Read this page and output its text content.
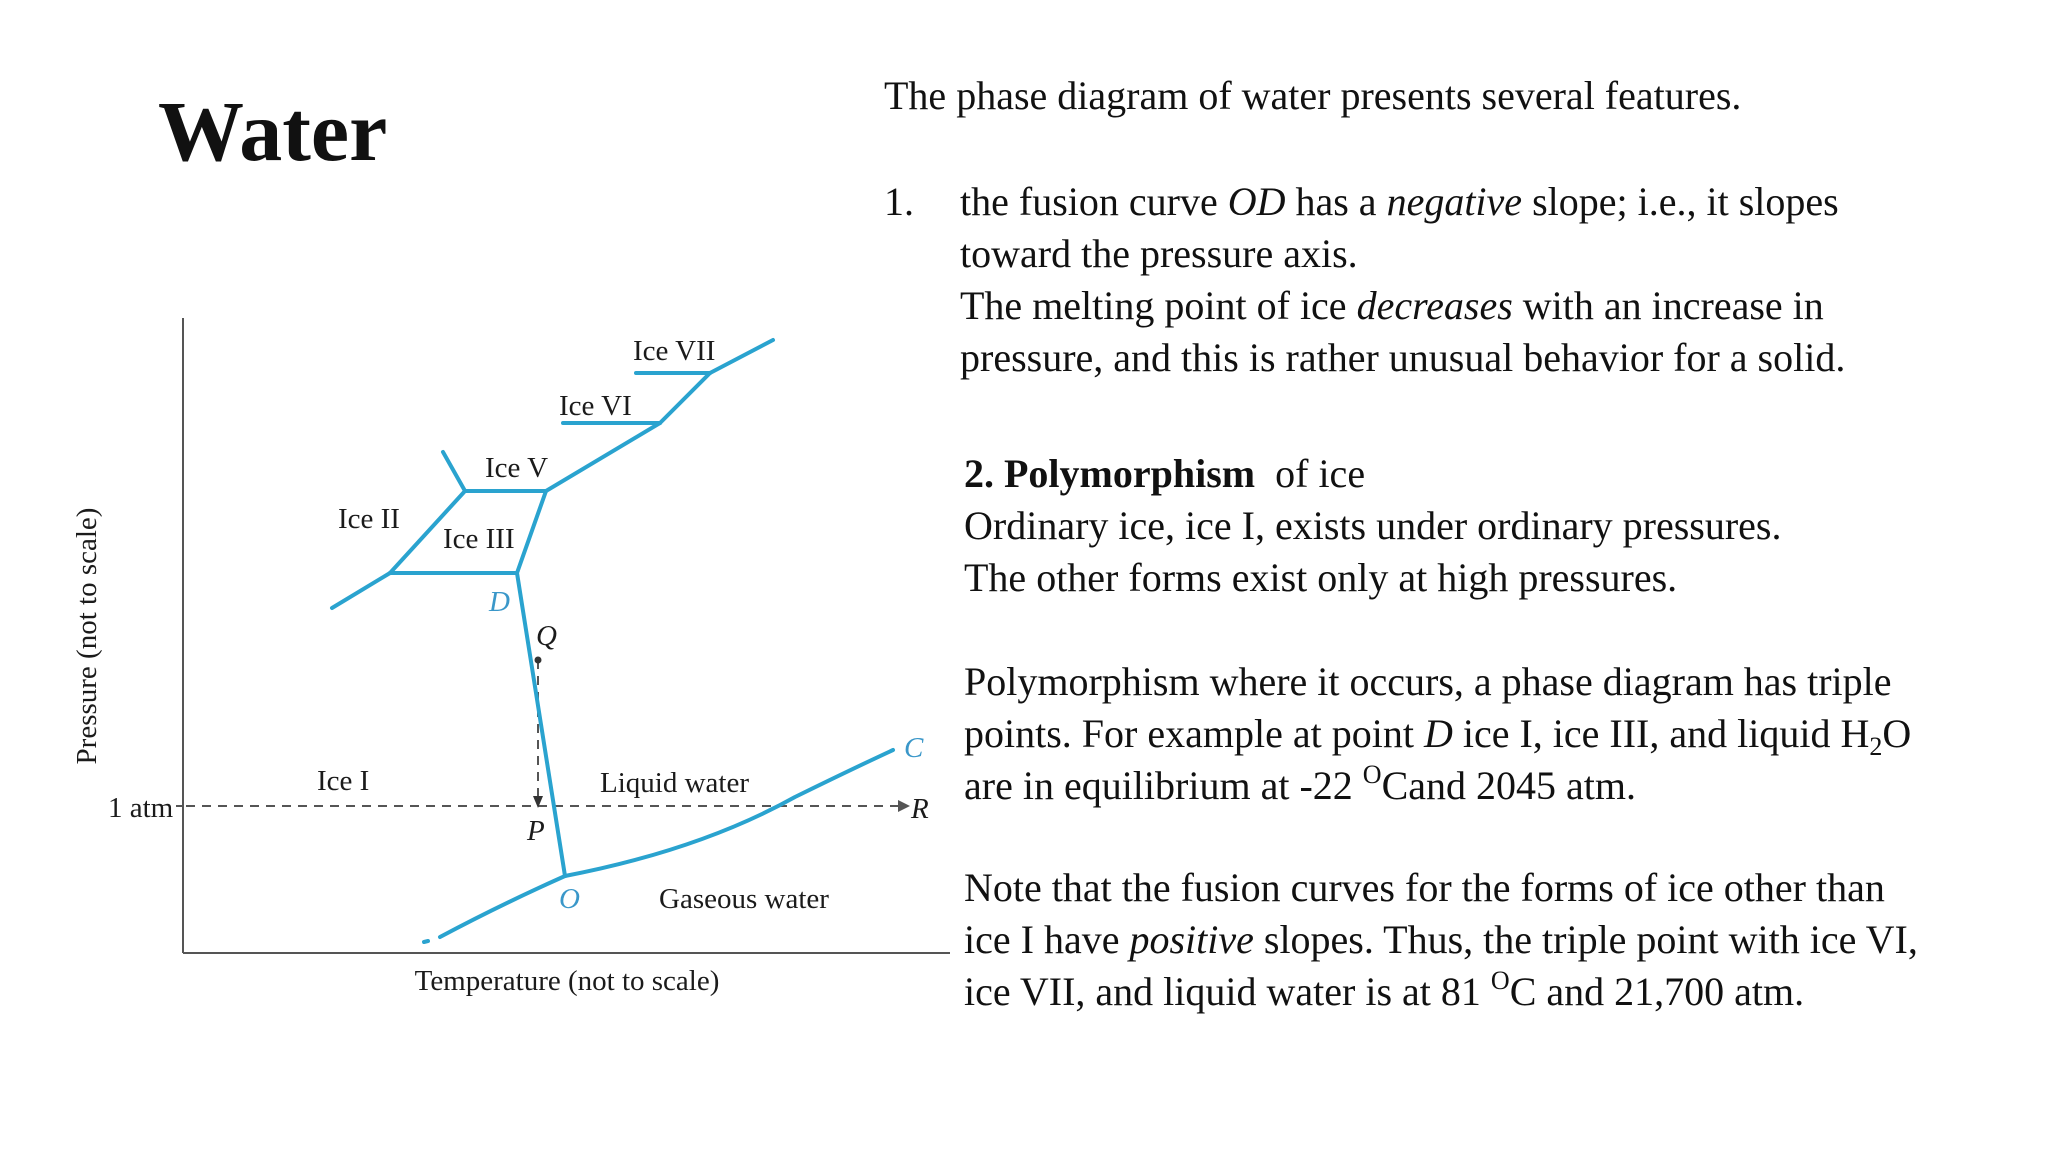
Water
Pressure (not to scale)
Temperature (not to scale)
1 atm
Ice VII
Ice VI
Ice V
Ice II
Ice III
Ice I	Liquid water
Gaseous water
D
Q
P
O
C
R

The phase diagram of water presents several features.

1. the fusion curve OD has a negative slope; i.e., it slopes
toward the pressure axis.
The melting point of ice decreases with an increase in
pressure, and this is rather unusual behavior for a solid.
2. Polymorphism  of ice
Ordinary ice, ice I, exists under ordinary pressures.
The other forms exist only at high pressures.
Polymorphism where it occurs, a phase diagram has triple
points. For example at point D ice I, ice III, and liquid $H_2O$
are in equilibrium at -22 $^O$Cand 2045 atm.
Note that the fusion curves for the forms of ice other than
ice I have positive slopes. Thus, the triple point with ice VI,
ice VII, and liquid water is at 81 $^O$C and 21,700 atm.
